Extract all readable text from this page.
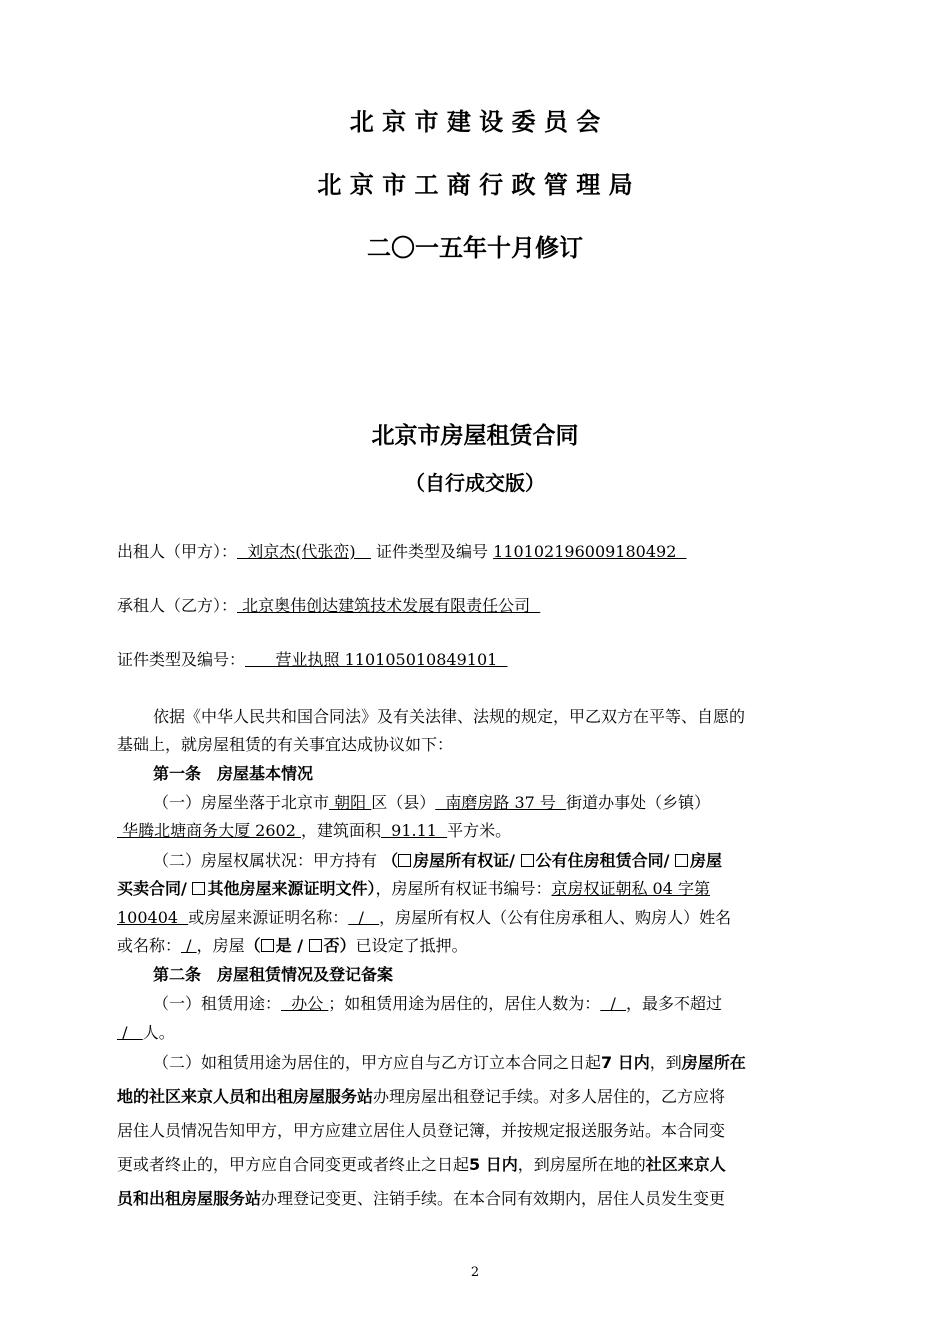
北 京 市 建 设 委 员 会
北 京 市 工 商 行 政 管 理 局
二〇一五年十月修订
北京市房屋租赁合同
（自行成交版）
出租人（甲方）：  刘京杰(代张峦)    证件类型及编号 110102196009180492
承租人（乙方）： 北京奥伟创达建筑技术发展有限责任公司
证件类型及编号：      营业执照 110105010849101
依据《中华人民共和国合同法》及有关法律、法规的规定，甲乙双方在平等、自愿的
基础上，就房屋租赁的有关事宜达成协议如下：
第一条　房屋基本情况
（一）房屋坐落于北京市 朝阳 区（县）  南磨房路 37 号  街道办事处（乡镇）
华腾北塘商务大厦 2602 ，建筑面积  91.11  平方米。
（二）房屋权属状况：甲方持有 （ 房屋所有权证/ 公有住房租赁合同/ 房屋
买卖合同/ 其他房屋来源证明文件），房屋所有权证书编号：京房权证朝私 04 字第
100404  或房屋来源证明名称：  /   ，房屋所有权人（公有住房承租人、购房人）姓名
或名称： / ，房屋（ 是 / 否）已设定了抵押。
第二条　房屋租赁情况及登记备案
（一）租赁用途：  办公 ；如租赁用途为居住的，居住人数为：  /  ，最多不超过
/   人。
（二）如租赁用途为居住的，甲方应自与乙方订立本合同之日起7 日内，到房屋所在
地的社区来京人员和出租房屋服务站办理房屋出租登记手续。对多人居住的，乙方应将
居住人员情况告知甲方，甲方应建立居住人员登记簿，并按规定报送服务站。本合同变
更或者终止的，甲方应自合同变更或者终止之日起5 日内，到房屋所在地的社区来京人
员和出租房屋服务站办理登记变更、注销手续。在本合同有效期内，居住人员发生变更
2
